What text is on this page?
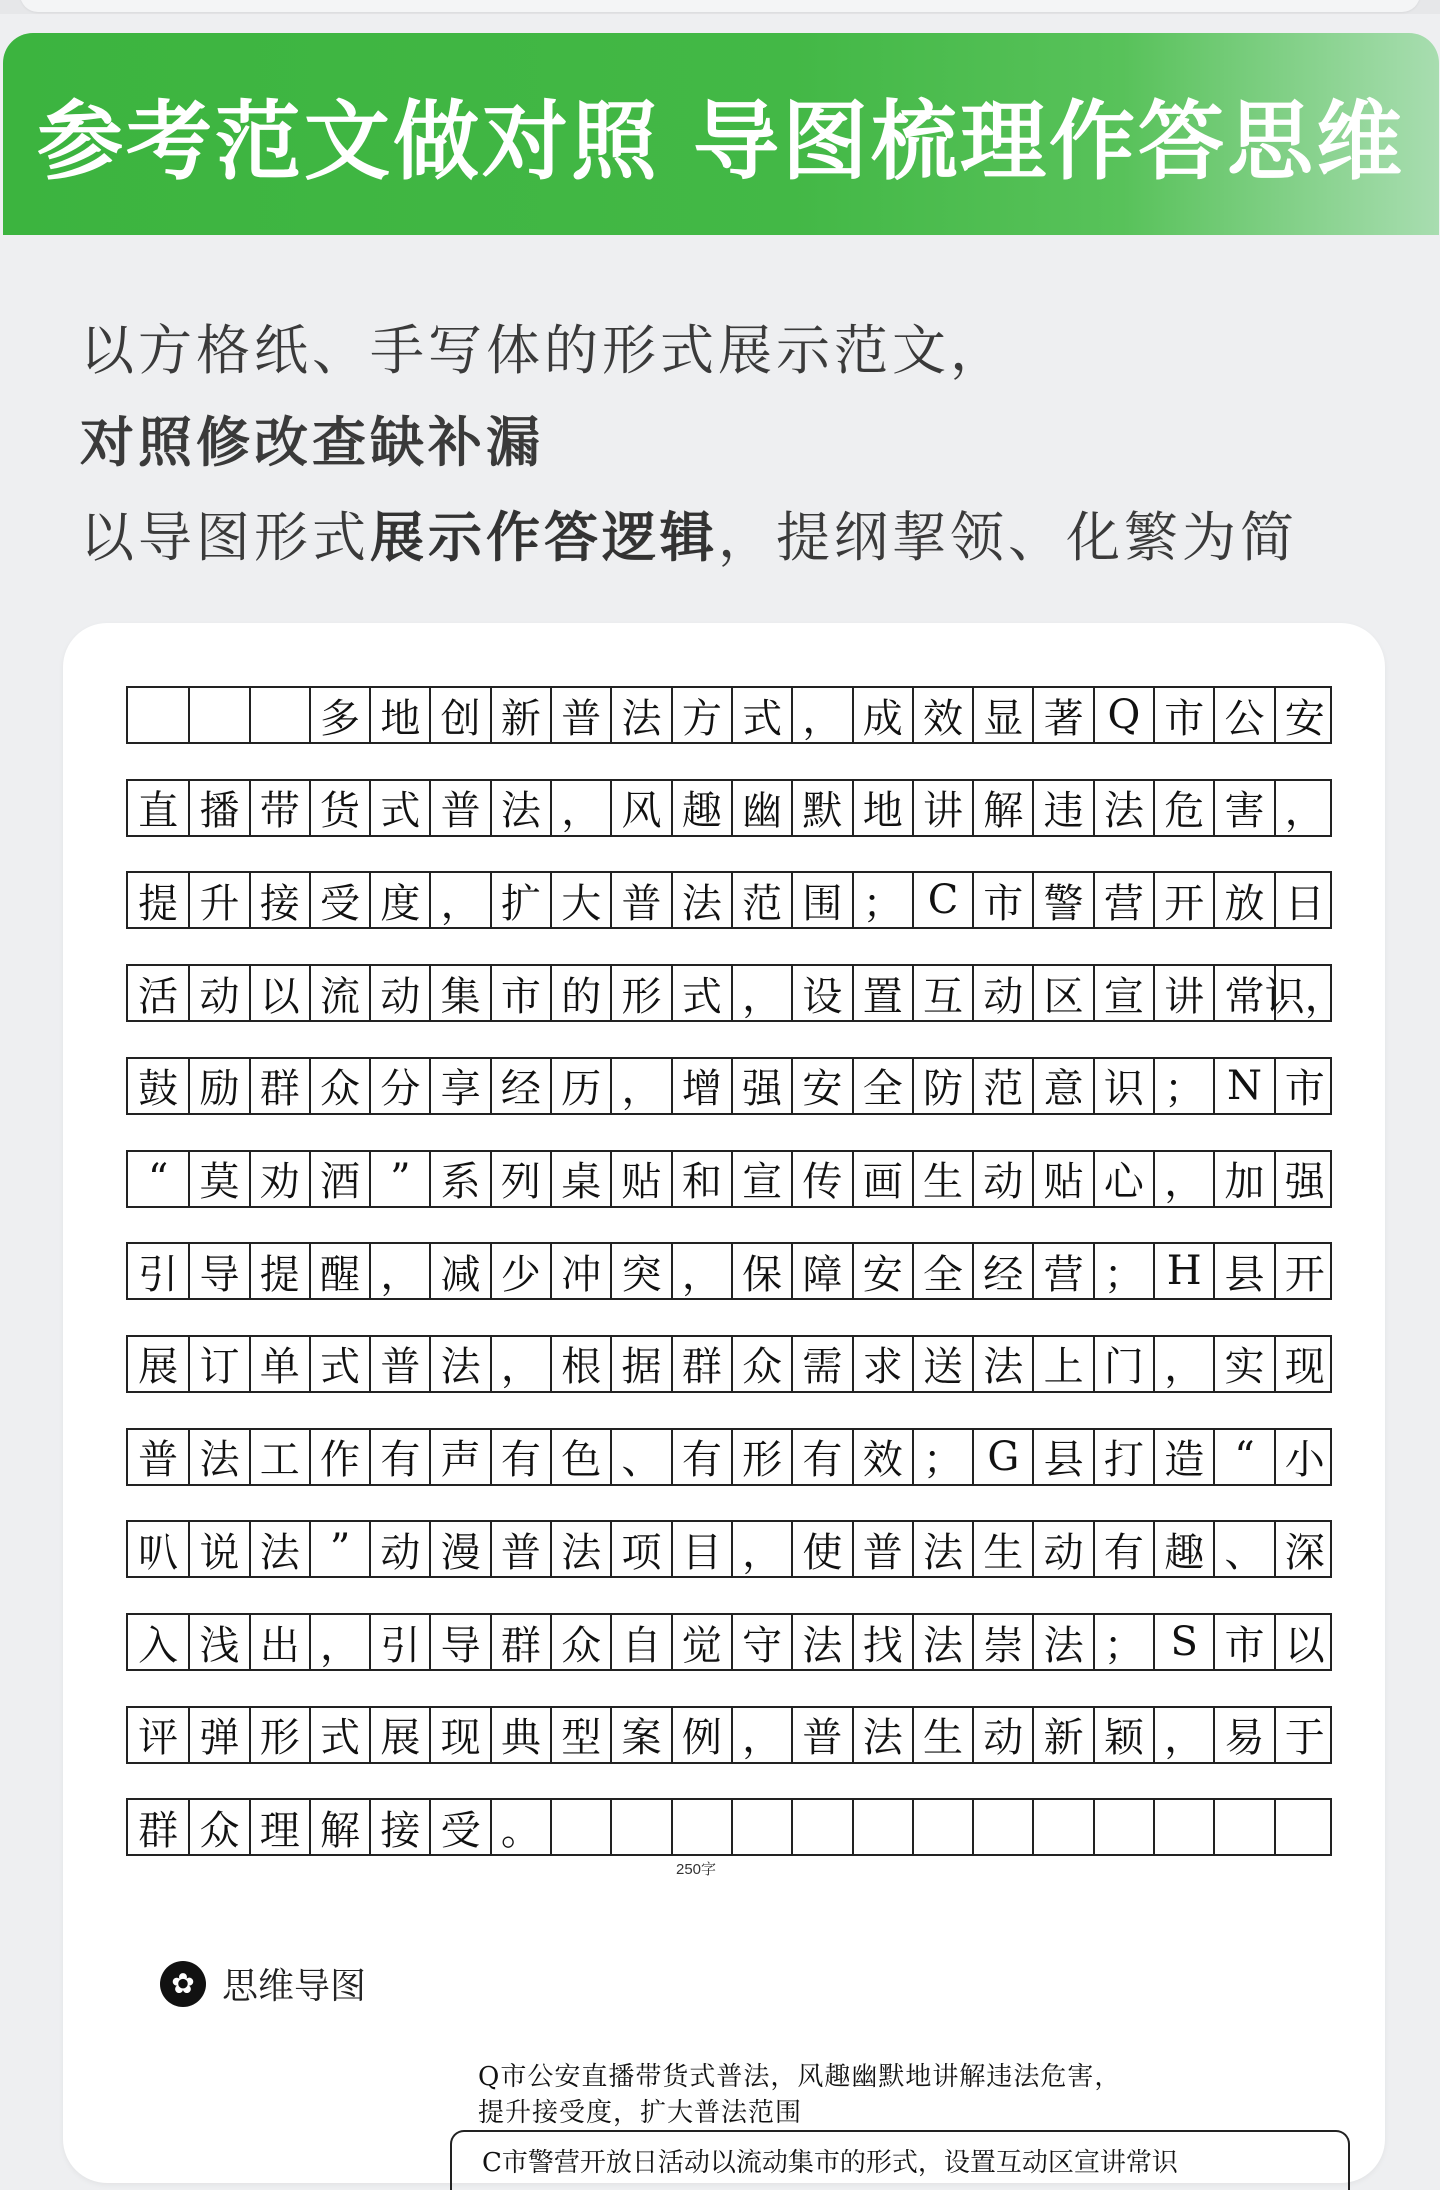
参考范文做对照 导图梳理作答思维
以方格纸、手写体的形式展示范文，
对照修改查缺补漏
以导图形式展示作答逻辑，提纲挈领、化繁为简
多 地 创 新 普 法 方 式 ， 成 效 显 著 Q 市 公 安
直 播 带 货 式 普 法 ， 风 趣 幽 默 地 讲 解 违 法 危 害 ，
提 升 接 受 度 ， 扩 大 普 法 范 围 ； C 市 警 营 开 放 日
活 动 以 流 动 集 市 的 形 式 ， 设 置 互 动 区 宣 讲 常 识，
鼓 励 群 众 分 享 经 历 ， 增 强 安 全 防 范 意 识 ； N 市
“ 莫 劝 酒 ” 系 列 桌 贴 和 宣 传 画 生 动 贴 心 ， 加 强
引 导 提 醒 ， 减 少 冲 突 ， 保 障 安 全 经 营 ； H 县 开
展 订 单 式 普 法 ， 根 据 群 众 需 求 送 法 上 门 ， 实 现
普 法 工 作 有 声 有 色 、 有 形 有 效 ； G 县 打 造 “ 小
叭 说 法 ” 动 漫 普 法 项 目 ， 使 普 法 生 动 有 趣 、 深
入 浅 出 ， 引 导 群 众 自 觉 守 法 找 法 崇 法 ； S 市 以
评 弹 形 式 展 现 典 型 案 例 ， 普 法 生 动 新 颖 ， 易 于
群 众 理 解 接 受 。
250字
✿ 思维导图
Q市公安直播带货式普法，风趣幽默地讲解违法危害，
提升接受度，扩大普法范围
C市警营开放日活动以流动集市的形式，设置互动区宣讲常识
